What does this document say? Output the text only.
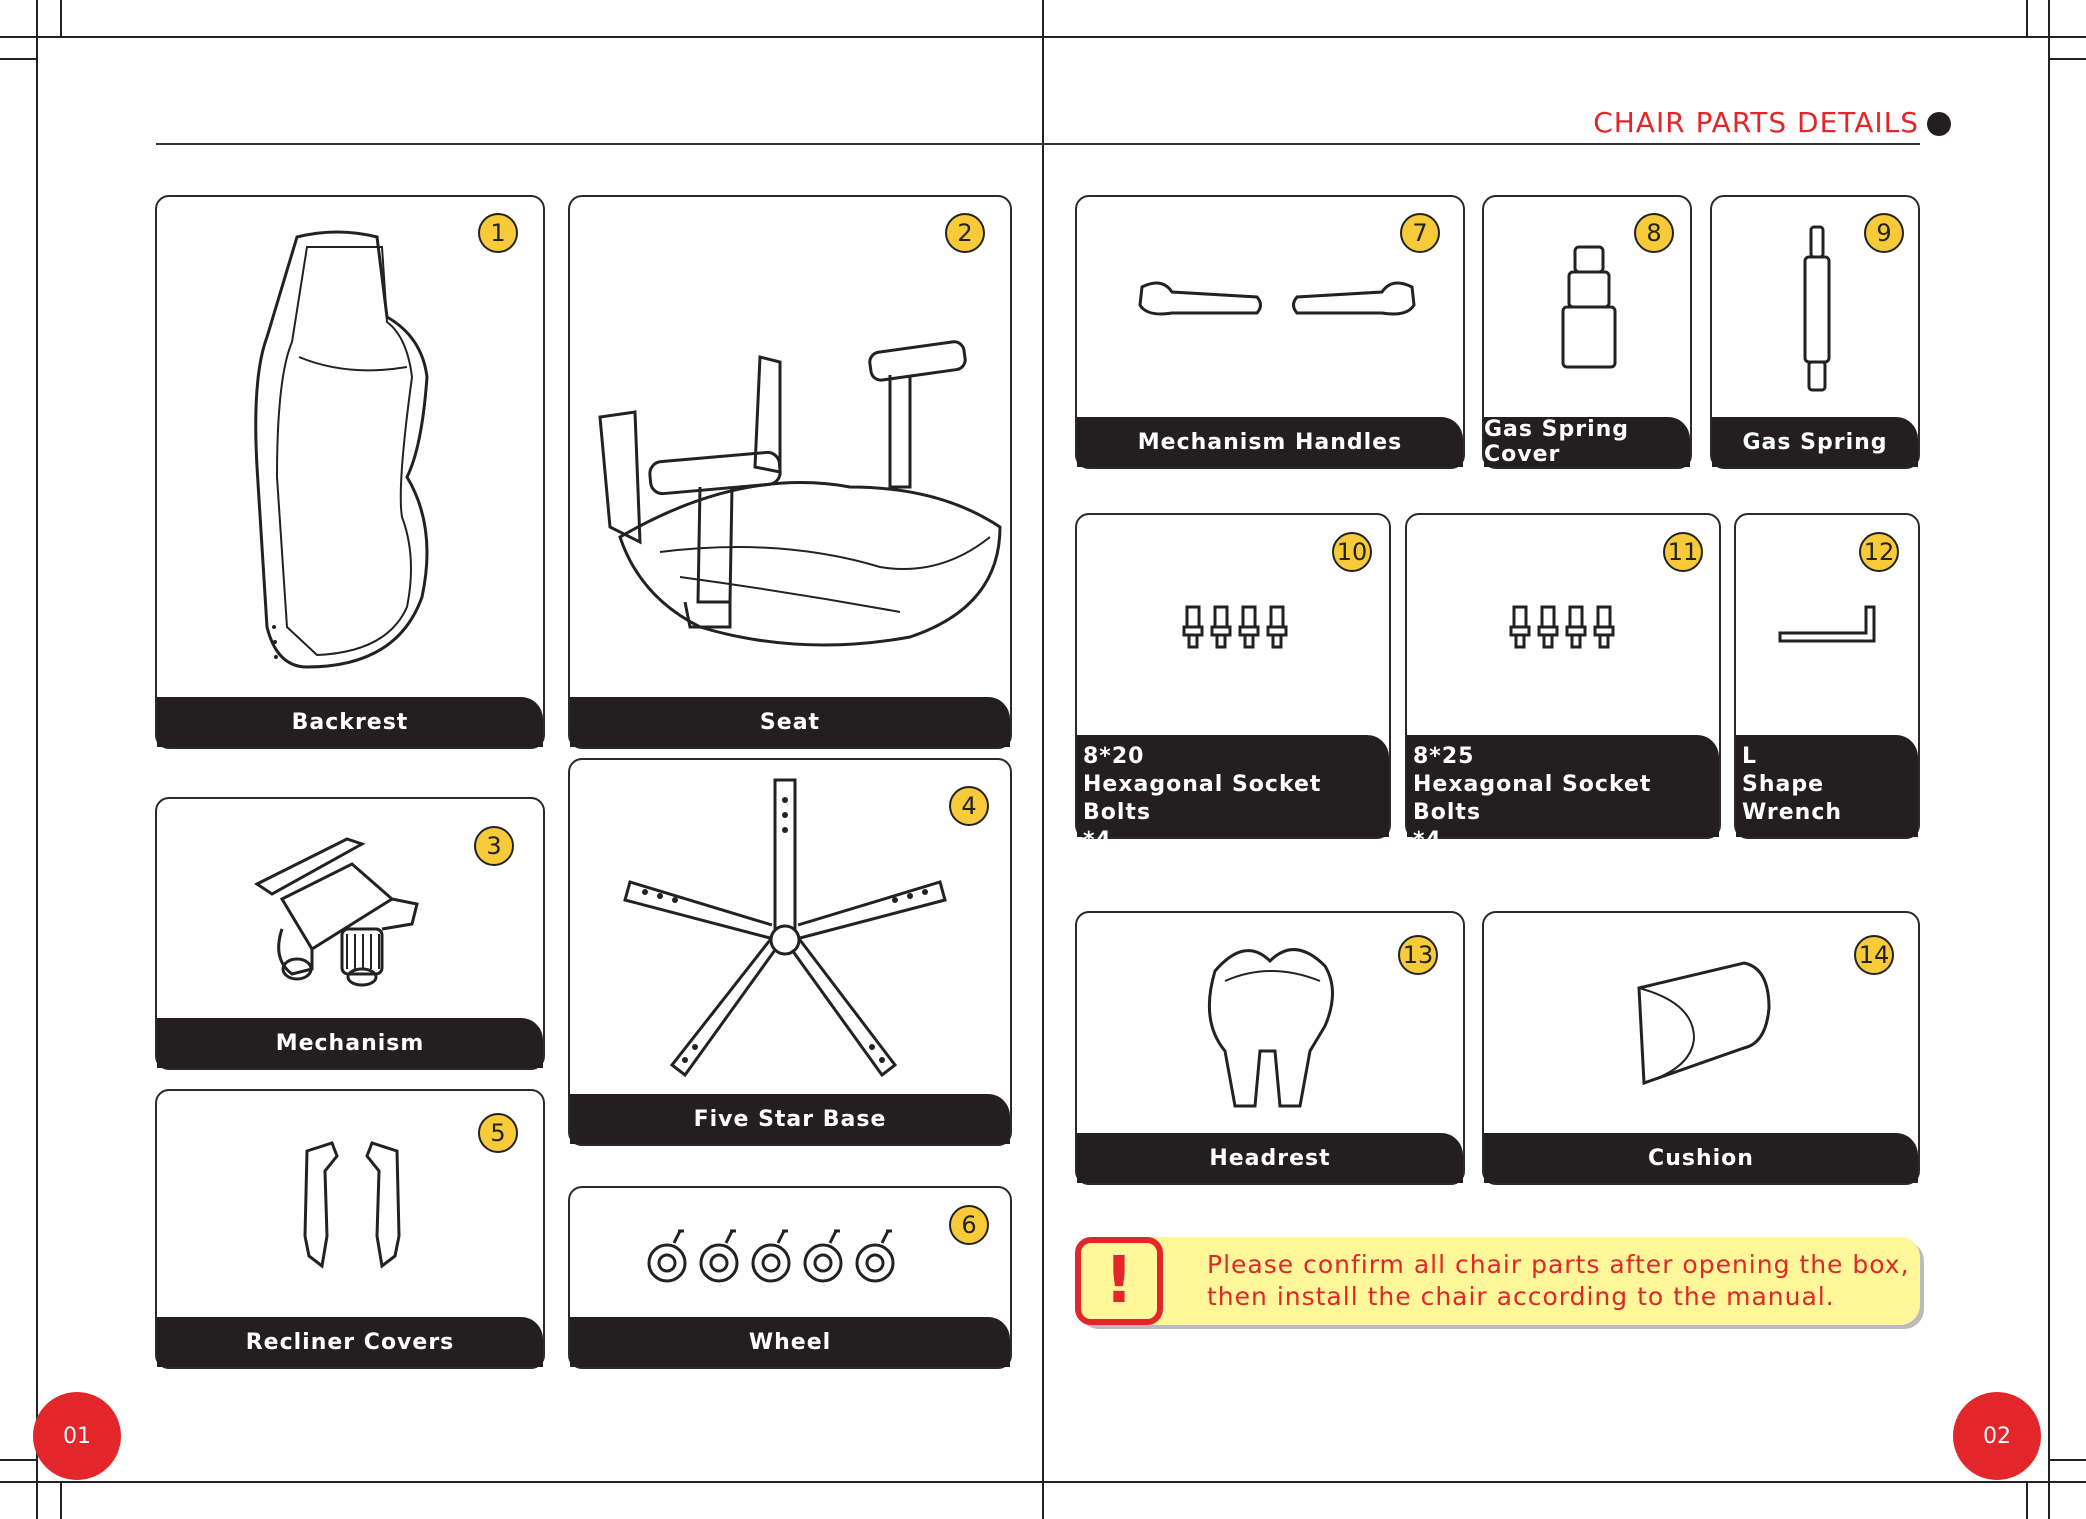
CHAIR PARTS DETAILS
1
Backrest
2
Seat
3
Mechanism
4
Five Star Base
5
Recliner Covers
6
Wheel
7
Mechanism Handles
8
Gas Spring Cover
9
Gas Spring
10
8*20
Hexagonal Socket Bolts
*4
11
8*25
Hexagonal Socket Bolts
*4
12
L
Shape Wrench
13
Headrest
14
Cushion
!	Please confirm all chair parts after opening the box,
then install the chair according to the manual.
01	02
